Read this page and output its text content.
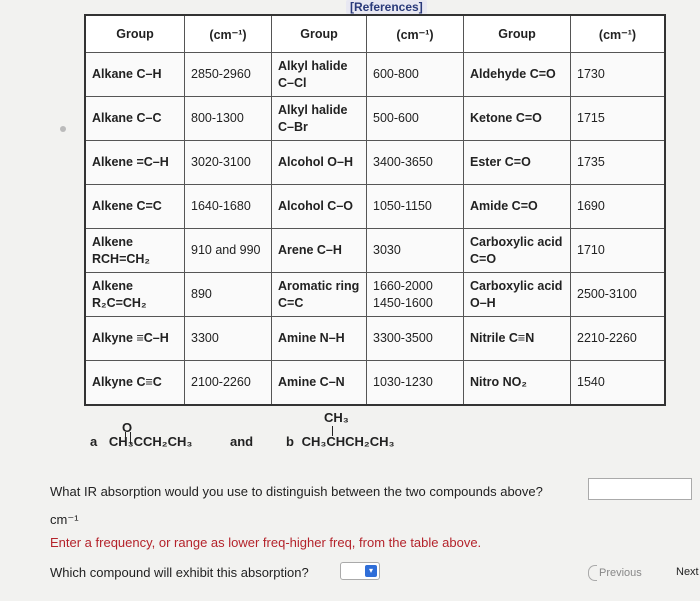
[References]
Group	(cm⁻¹)	Group	(cm⁻¹)	Group	(cm⁻¹)
Alkane C–H	2850-2960	Alkyl halide C–Cl	600-800	Aldehyde C=O	1730
Alkane C–C	800-1300	Alkyl halide C–Br	500-600	Ketone C=O	1715
Alkene =C–H	3020-3100	Alcohol O–H	3400-3650	Ester C=O	1735
Alkene C=C	1640-1680	Alcohol C–O	1050-1150	Amide C=O	1690
Alkene RCH=CH₂	910 and 990	Arene C–H	3030	Carboxylic acid C=O	1710
Alkene R₂C=CH₂	890	Aromatic ring C=C	1660-2000 1450-1600	Carboxylic acid O–H	2500-3100
Alkyne ≡C–H	3300	Amine N–H	3300-3500	Nitrile C≡N	2210-2260
Alkyne C≡C	2100-2260	Amine C–N	1030-1230	Nitro NO₂	1540
a
O
CH₃CCH₂CH₃	and	b
CH₃
CH₃CHCH₂CH₃
What IR absorption would you use to distinguish between the two compounds above?
cm⁻¹
Enter a frequency, or range as lower freq-higher freq, from the table above.
Which compound will exhibit this absorption?	▾	Previous	Next
